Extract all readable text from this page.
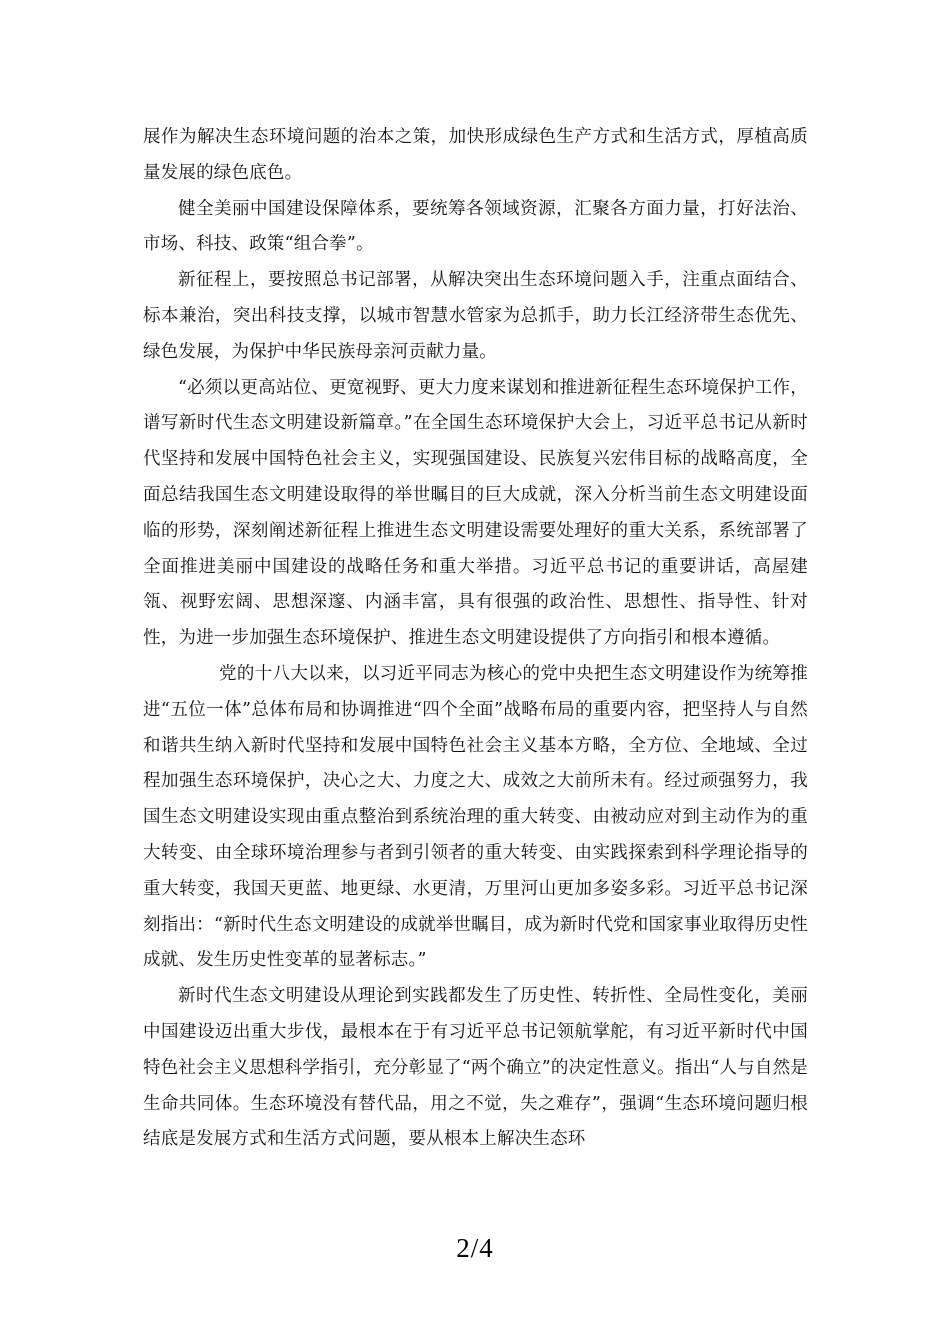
展作为解决生态环境问题的治本之策，加快形成绿色生产方式和生活方式，厚植高质量发展的绿色底色。

健全美丽中国建设保障体系，要统筹各领域资源，汇聚各方面力量，打好法治、市场、科技、政策“组合拳”。

新征程上，要按照总书记部署，从解决突出生态环境问题入手，注重点面结合、标本兼治，突出科技支撑，以城市智慧水管家为总抓手，助力长江经济带生态优先、绿色发展，为保护中华民族母亲河贡献力量。

“必须以更高站位、更宽视野、更大力度来谋划和推进新征程生态环境保护工作，谱写新时代生态文明建设新篇章。”在全国生态环境保护大会上，习近平总书记从新时代坚持和发展中国特色社会主义，实现强国建设、民族复兴宏伟目标的战略高度，全面总结我国生态文明建设取得的举世瞩目的巨大成就，深入分析当前生态文明建设面临的形势，深刻阐述新征程上推进生态文明建设需要处理好的重大关系，系统部署了全面推进美丽中国建设的战略任务和重大举措。习近平总书记的重要讲话，高屋建瓴、视野宏阔、思想深邃、内涵丰富，具有很强的政治性、思想性、指导性、针对性，为进一步加强生态环境保护、推进生态文明建设提供了方向指引和根本遵循。

党的十八大以来，以习近平同志为核心的党中央把生态文明建设作为统筹推进“五位一体”总体布局和协调推进“四个全面”战略布局的重要内容，把坚持人与自然和谐共生纳入新时代坚持和发展中国特色社会主义基本方略，全方位、全地域、全过程加强生态环境保护，决心之大、力度之大、成效之大前所未有。经过顽强努力，我国生态文明建设实现由重点整治到系统治理的重大转变、由被动应对到主动作为的重大转变、由全球环境治理参与者到引领者的重大转变、由实践探索到科学理论指导的重大转变，我国天更蓝、地更绿、水更清，万里河山更加多姿多彩。习近平总书记深刻指出：“新时代生态文明建设的成就举世瞩目，成为新时代党和国家事业取得历史性成就、发生历史性变革的显著标志。”

新时代生态文明建设从理论到实践都发生了历史性、转折性、全局性变化，美丽中国建设迈出重大步伐，最根本在于有习近平总书记领航掌舵，有习近平新时代中国特色社会主义思想科学指引，充分彰显了“两个确立”的决定性意义。指出“人与自然是生命共同体。生态环境没有替代品，用之不觉，失之难存”，强调“生态环境问题归根结底是发展方式和生活方式问题，要从根本上解决生态环

2/4
